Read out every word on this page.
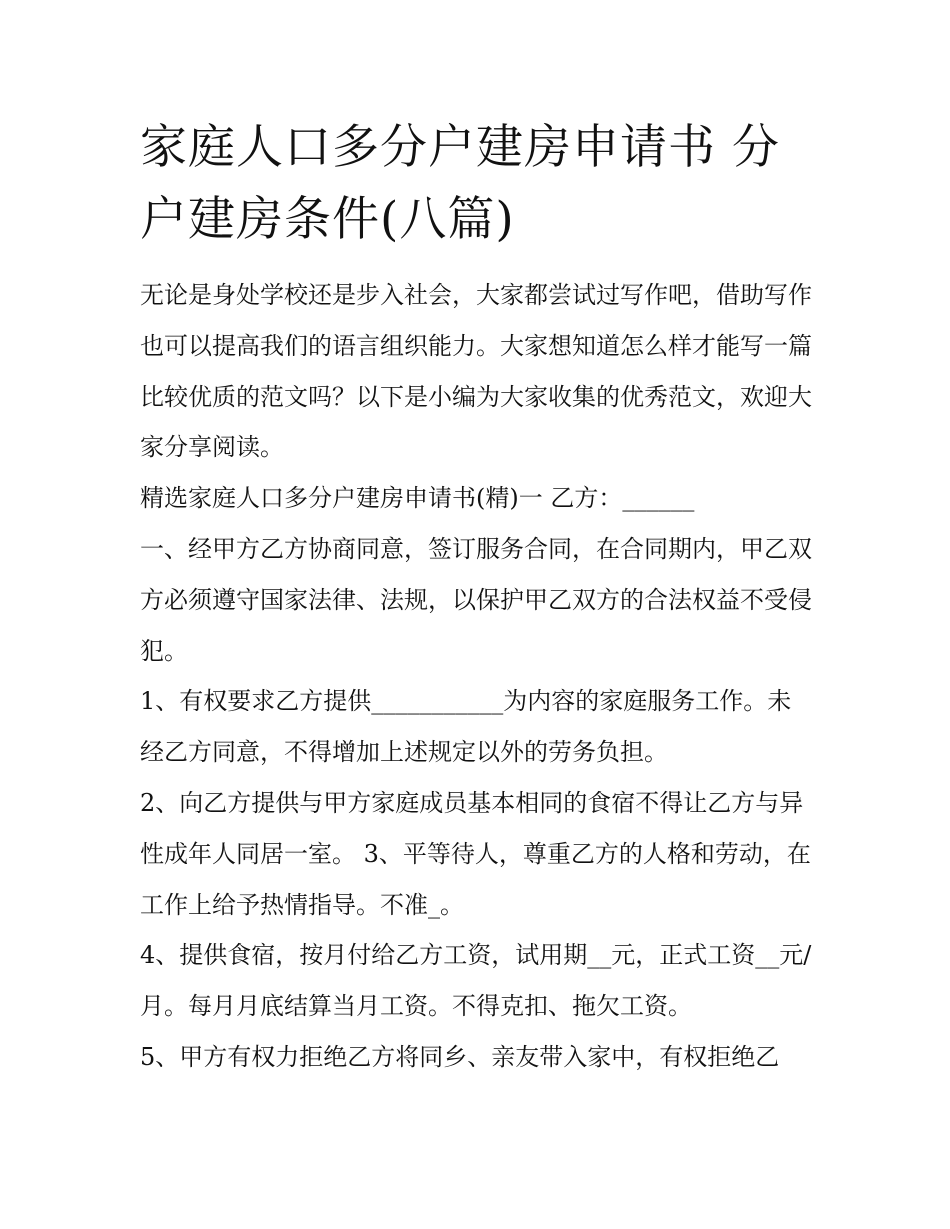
家庭人口多分户建房申请书 分户建房条件(八篇)

无论是身处学校还是步入社会，大家都尝试过写作吧，借助写作也可以提高我们的语言组织能力。大家想知道怎么样才能写一篇比较优质的范文吗？以下是小编为大家收集的优秀范文，欢迎大家分享阅读。

精选家庭人口多分户建房申请书(精)一 乙方：______

一、经甲方乙方协商同意，签订服务合同，在合同期内，甲乙双方必须遵守国家法律、法规，以保护甲乙双方的合法权益不受侵犯。

1、有权要求乙方提供___________为内容的家庭服务工作。未经乙方同意，不得增加上述规定以外的劳务负担。

2、向乙方提供与甲方家庭成员基本相同的食宿不得让乙方与异性成年人同居一室。 3、平等待人，尊重乙方的人格和劳动，在工作上给予热情指导。不准_。

4、提供食宿，按月付给乙方工资，试用期__元，正式工资__元/月。每月月底结算当月工资。不得克扣、拖欠工资。

5、甲方有权力拒绝乙方将同乡、亲友带入家中，有权拒绝乙
